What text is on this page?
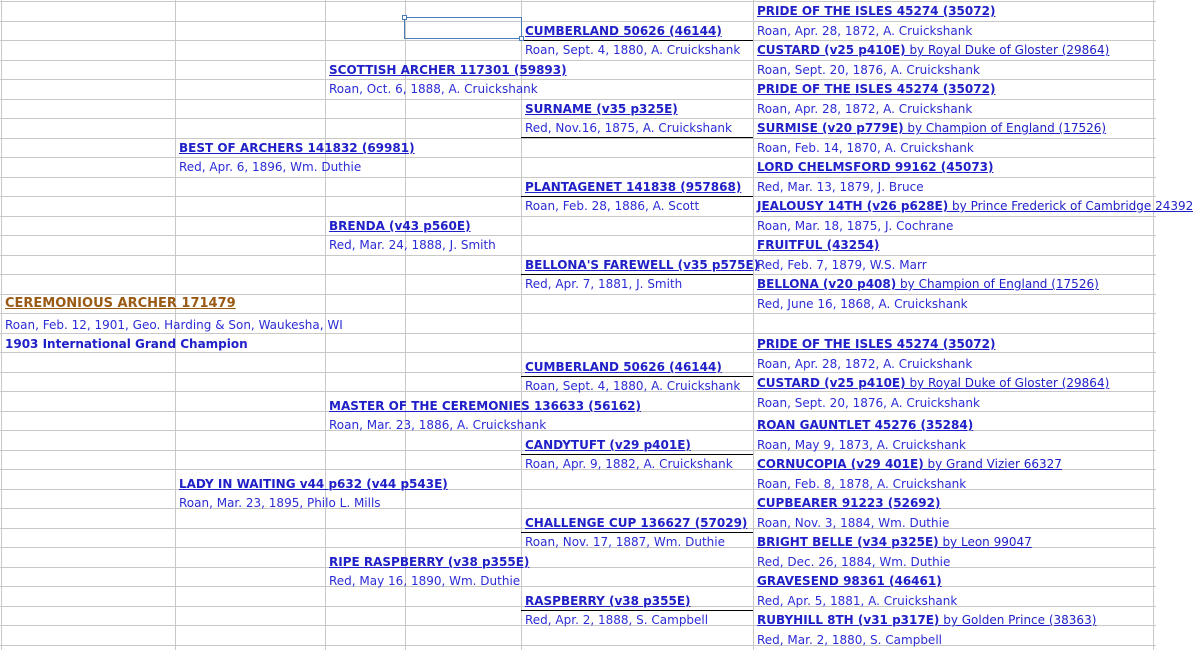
CEREMONIOUS ARCHER 171479
Roan, Feb. 12, 1901, Geo. Harding & Son, Waukesha, WI
1903 International Grand Champion
BEST OF ARCHERS 141832 (69981)
Red, Apr. 6, 1896, Wm. Duthie
LADY IN WAITING v44 p632 (v44 p543E)
Roan, Mar. 23, 1895, Philo L. Mills
SCOTTISH ARCHER 117301 (59893)
Roan, Oct. 6, 1888, A. Cruickshank
BRENDA (v43 p560E)
Red, Mar. 24, 1888, J. Smith
MASTER OF THE CEREMONIES 136633 (56162)
Roan, Mar. 23, 1886, A. Cruickshank
RIPE RASPBERRY (v38 p355E)
Red, May 16, 1890, Wm. Duthie
CUMBERLAND 50626 (46144)
Roan, Sept. 4, 1880, A. Cruickshank
SURNAME (v35 p325E)
Red, Nov.16, 1875, A. Cruickshank
PLANTAGENET 141838 (957868)
Roan, Feb. 28, 1886, A. Scott
BELLONA'S FAREWELL (v35 p575E)
Red, Apr. 7, 1881, J. Smith
CUMBERLAND 50626 (46144)
Roan, Sept. 4, 1880, A. Cruickshank
CANDYTUFT (v29 p401E)
Roan, Apr. 9, 1882, A. Cruickshank
CHALLENGE CUP 136627 (57029)
Roan, Nov. 17, 1887, Wm. Duthie
RASPBERRY (v38 p355E)
Red, Apr. 2, 1888, S. Campbell
PRIDE OF THE ISLES 45274 (35072)
Roan, Apr. 28, 1872, A. Cruickshank
CUSTARD (v25 p410E) by Royal Duke of Gloster (29864)
Roan, Sept. 20, 1876, A. Cruickshank
PRIDE OF THE ISLES 45274 (35072)
Roan, Apr. 28, 1872, A. Cruickshank
SURMISE (v20 p779E) by Champion of England (17526)
Roan, Feb. 14, 1870, A. Cruickshank
LORD CHELMSFORD 99162 (45073)
Red, Mar. 13, 1879, J. Bruce
JEALOUSY 14TH (v26 p628E) by Prince Frederick of Cambridge 24392
Roan, Mar. 18, 1875, J. Cochrane
FRUITFUL (43254)
Red, Feb. 7, 1879, W.S. Marr
BELLONA (v20 p408) by Champion of England (17526)
Red, June 16, 1868, A. Cruickshank
PRIDE OF THE ISLES 45274 (35072)
Roan, Apr. 28, 1872, A. Cruickshank
CUSTARD (v25 p410E) by Royal Duke of Gloster (29864)
Roan, Sept. 20, 1876, A. Cruickshank
ROAN GAUNTLET 45276 (35284)
Roan, May 9, 1873, A. Cruickshank
CORNUCOPIA (v29 401E) by Grand Vizier 66327
Roan, Feb. 8, 1878, A. Cruickshank
CUPBEARER 91223 (52692)
Roan, Nov. 3, 1884, Wm. Duthie
BRIGHT BELLE (v34 p325E) by Leon 99047
Red, Dec. 26, 1884, Wm. Duthie
GRAVESEND 98361 (46461)
Red, Apr. 5, 1881, A. Cruickshank
RUBYHILL 8TH (v31 p317E) by Golden Prince (38363)
Red, Mar. 2, 1880, S. Campbell
